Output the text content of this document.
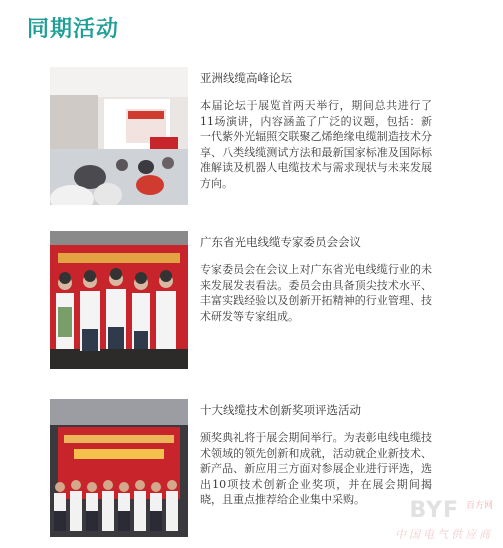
同期活动
亚洲线缆高峰论坛

本届论坛于展览首两天举行，期间总共进行了11场演讲，内容涵盖了广泛的议题，包括：新一代紫外光辐照交联聚乙烯绝缘电缆制造技术分享、八类线缆测试方法和最新国家标准及国际标准解读及机器人电缆技术与需求现状与未来发展方向。

广东省光电线缆专家委员会会议

专家委员会在会议上对广东省光电线缆行业的未来发展发表看法。委员会由具备顶尖技术水平、丰富实践经验以及创新开拓精神的行业管理、技术研发等专家组成。

十大线缆技术创新奖项评选活动

颁奖典礼将于展会期间举行。为表彰电线电缆技术领域的领先创新和成就，活动就企业新技术、新产品、新应用三方面对参展企业进行评选，选出10项技术创新企业奖项，并在展会期间揭晓，且重点推荐给企业集中采购。	百方网
BYF
中国电气供应商
